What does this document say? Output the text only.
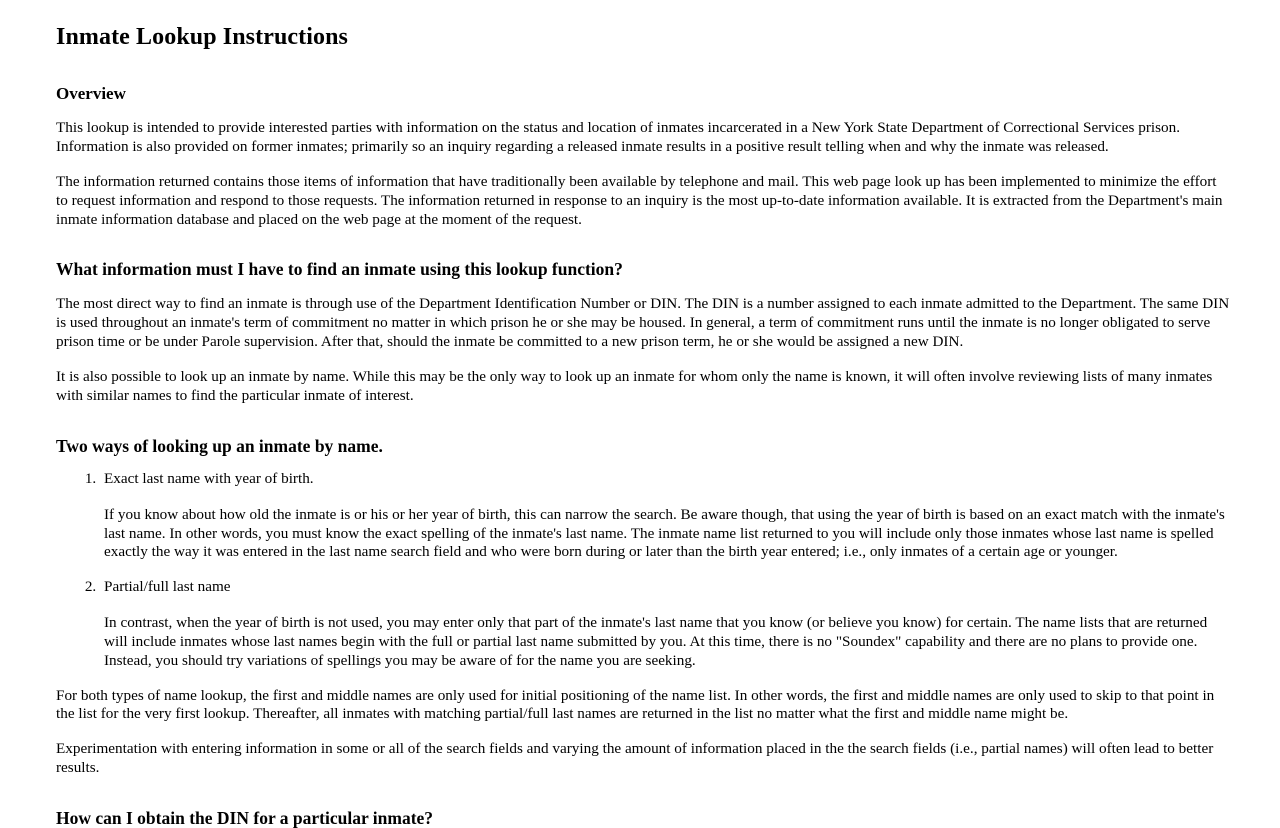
Inmate Lookup Instructions
Overview

This lookup is intended to provide interested parties with information on the status and location of inmates incarcerated in a New York State Department of Correctional Services prison. Information is also provided on former inmates; primarily so an inquiry regarding a released inmate results in a positive result telling when and why the inmate was released.

The information returned contains those items of information that have traditionally been available by telephone and mail. This web page look up has been implemented to minimize the effort to request information and respond to those requests. The information returned in response to an inquiry is the most up-to-date information available. It is extracted from the Department's main inmate information database and placed on the web page at the moment of the request.

What information must I have to find an inmate using this lookup function?

The most direct way to find an inmate is through use of the Department Identification Number or DIN. The DIN is a number assigned to each inmate admitted to the Department. The same DIN is used throughout an inmate's term of commitment no matter in which prison he or she may be housed. In general, a term of commitment runs until the inmate is no longer obligated to serve prison time or be under Parole supervision. After that, should the inmate be committed to a new prison term, he or she would be assigned a new DIN.

It is also possible to look up an inmate by name. While this may be the only way to look up an inmate for whom only the name is known, it will often involve reviewing lists of many inmates with similar names to find the particular inmate of interest.

Two ways of looking up an inmate by name.
1. Exact last name with year of birth.

If you know about how old the inmate is or his or her year of birth, this can narrow the search. Be aware though, that using the year of birth is based on an exact match with the inmate's last name. In other words, you must know the exact spelling of the inmate's last name. The inmate name list returned to you will include only those inmates whose last name is spelled exactly the way it was entered in the last name search field and who were born during or later than the birth year entered; i.e., only inmates of a certain age or younger.

2. Partial/full last name

In contrast, when the year of birth is not used, you may enter only that part of the inmate's last name that you know (or believe you know) for certain. The name lists that are returned will include inmates whose last names begin with the full or partial last name submitted by you. At this time, there is no "Soundex" capability and there are no plans to provide one. Instead, you should try variations of spellings you may be aware of for the name you are seeking.

For both types of name lookup, the first and middle names are only used for initial positioning of the name list. In other words, the first and middle names are only used to skip to that point in the list for the very first lookup. Thereafter, all inmates with matching partial/full last names are returned in the list no matter what the first and middle name might be.

Experimentation with entering information in some or all of the search fields and varying the amount of information placed in the the search fields (i.e., partial names) will often lead to better results.

How can I obtain the DIN for a particular inmate?
